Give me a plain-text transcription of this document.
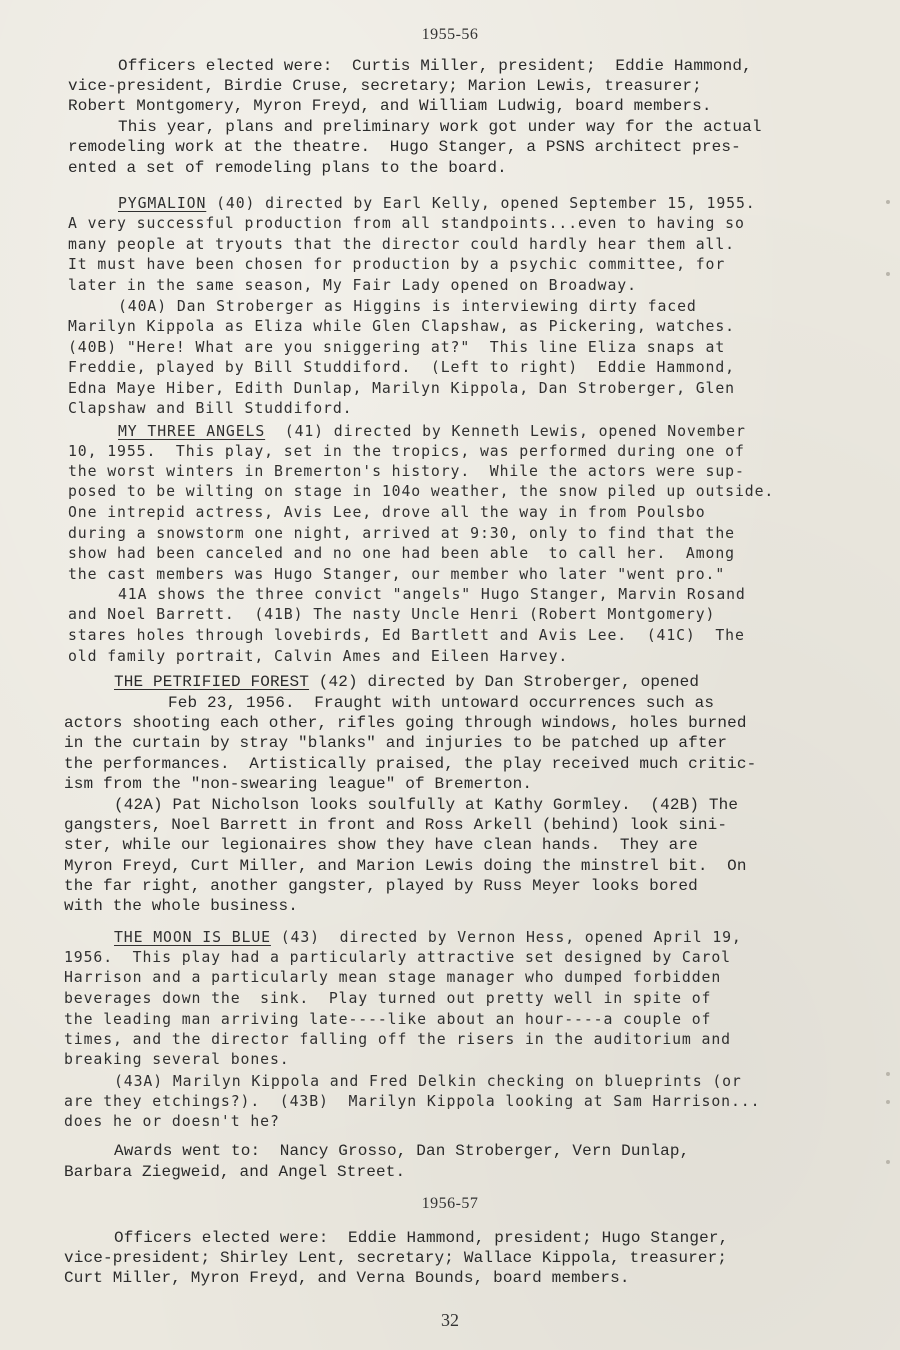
1955-56
Officers elected were:  Curtis Miller, president;  Eddie Hammond,
vice-president, Birdie Cruse, secretary; Marion Lewis, treasurer;
Robert Montgomery, Myron Freyd, and William Ludwig, board members.
This year, plans and preliminary work got under way for the actual
remodeling work at the theatre.  Hugo Stanger, a PSNS architect pres-
ented a set of remodeling plans to the board.
PYGMALION (40) directed by Earl Kelly, opened September 15, 1955.
A very successful production from all standpoints...even to having so
many people at tryouts that the director could hardly hear them all.
It must have been chosen for production by a psychic committee, for
later in the same season, My Fair Lady opened on Broadway.
(40A) Dan Stroberger as Higgins is interviewing dirty faced
Marilyn Kippola as Eliza while Glen Clapshaw, as Pickering, watches.
(40B) "Here! What are you sniggering at?"  This line Eliza snaps at
Freddie, played by Bill Studdiford.  (Left to right)  Eddie Hammond,
Edna Maye Hiber, Edith Dunlap, Marilyn Kippola, Dan Stroberger, Glen
Clapshaw and Bill Studdiford.
MY THREE ANGELS  (41) directed by Kenneth Lewis, opened November
10, 1955.  This play, set in the tropics, was performed during one of
the worst winters in Bremerton's history.  While the actors were sup-
posed to be wilting on stage in 104o weather, the snow piled up outside.
One intrepid actress, Avis Lee, drove all the way in from Poulsbo
during a snowstorm one night, arrived at 9:30, only to find that the
show had been canceled and no one had been able  to call her.  Among
the cast members was Hugo Stanger, our member who later "went pro."
41A shows the three convict "angels" Hugo Stanger, Marvin Rosand
and Noel Barrett.  (41B) The nasty Uncle Henri (Robert Montgomery)
stares holes through lovebirds, Ed Bartlett and Avis Lee.  (41C)  The
old family portrait, Calvin Ames and Eileen Harvey.
THE PETRIFIED FOREST (42) directed by Dan Stroberger, opened
Feb 23, 1956.  Fraught with untoward occurrences such as
actors shooting each other, rifles going through windows, holes burned
in the curtain by stray "blanks" and injuries to be patched up after
the performances.  Artistically praised, the play received much critic-
ism from the "non-swearing league" of Bremerton.
(42A) Pat Nicholson looks soulfully at Kathy Gormley.  (42B) The
gangsters, Noel Barrett in front and Ross Arkell (behind) look sini-
ster, while our legionaires show they have clean hands.  They are
Myron Freyd, Curt Miller, and Marion Lewis doing the minstrel bit.  On
the far right, another gangster, played by Russ Meyer looks bored
with the whole business.
THE MOON IS BLUE (43)  directed by Vernon Hess, opened April 19,
1956.  This play had a particularly attractive set designed by Carol
Harrison and a particularly mean stage manager who dumped forbidden
beverages down the  sink.  Play turned out pretty well in spite of
the leading man arriving late----like about an hour----a couple of
times, and the director falling off the risers in the auditorium and
breaking several bones.
(43A) Marilyn Kippola and Fred Delkin checking on blueprints (or
are they etchings?).  (43B)  Marilyn Kippola looking at Sam Harrison...
does he or doesn't he?
Awards went to:  Nancy Grosso, Dan Stroberger, Vern Dunlap,
Barbara Ziegweid, and Angel Street.
1956-57
Officers elected were:  Eddie Hammond, president; Hugo Stanger,
vice-president; Shirley Lent, secretary; Wallace Kippola, treasurer;
Curt Miller, Myron Freyd, and Verna Bounds, board members.
32
